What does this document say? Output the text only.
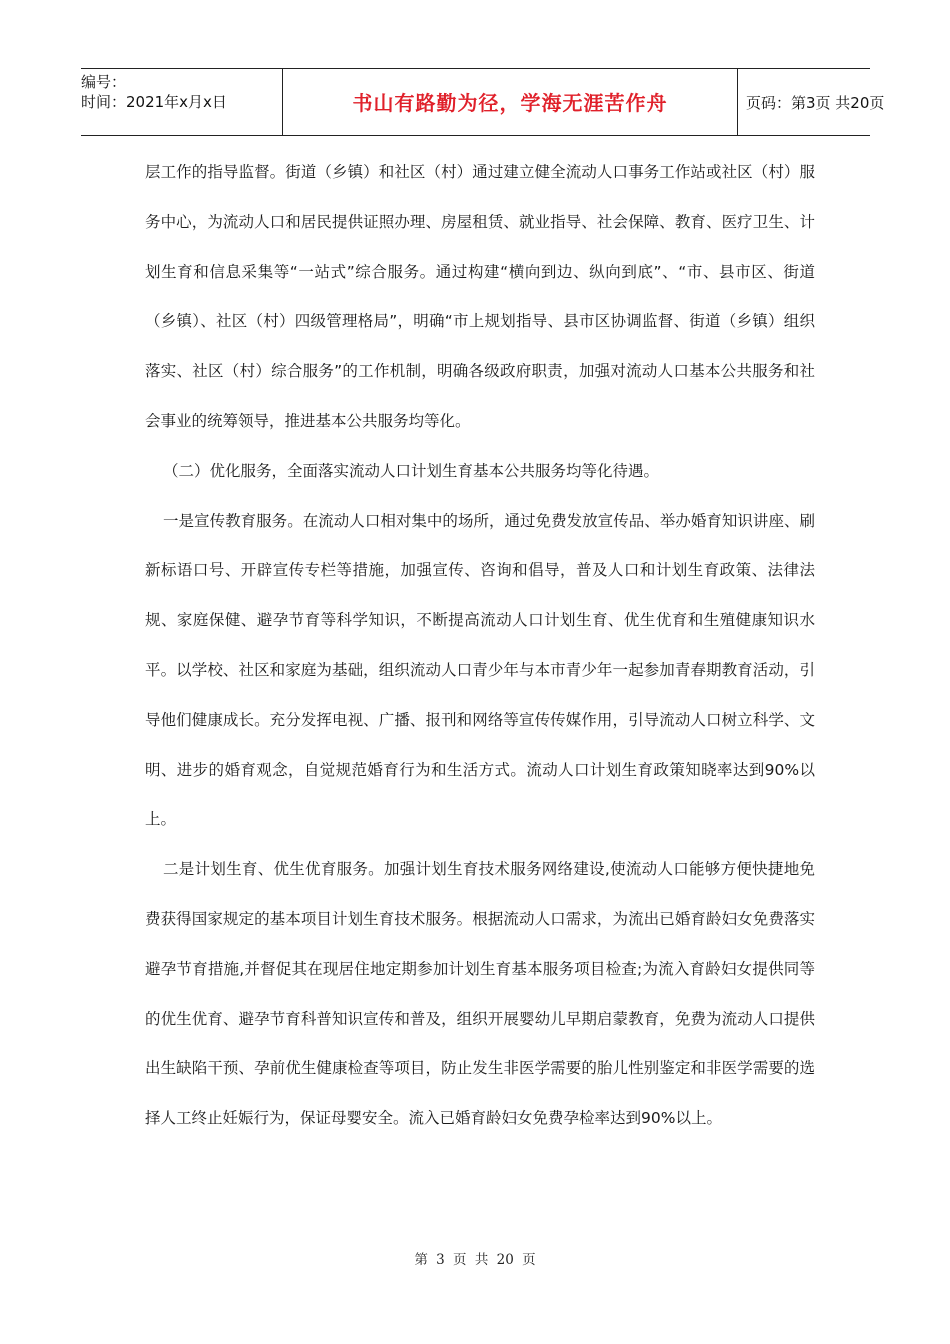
编号：
时间：2021年x月x日	书山有路勤为径，学海无涯苦作舟	页码：第3页 共20页

层工作的指导监督。街道（乡镇）和社区（村）通过建立健全流动人口事务工作站或社区（村）服务中心，为流动人口和居民提供证照办理、房屋租赁、就业指导、社会保障、教育、医疗卫生、计划生育和信息采集等“一站式”综合服务。通过构建“横向到边、纵向到底”、“市、县市区、街道（乡镇）、社区（村）四级管理格局”，明确“市上规划指导、县市区协调监督、街道（乡镇）组织落实、社区（村）综合服务”的工作机制，明确各级政府职责，加强对流动人口基本公共服务和社会事业的统筹领导，推进基本公共服务均等化。

（二）优化服务，全面落实流动人口计划生育基本公共服务均等化待遇。

一是宣传教育服务。在流动人口相对集中的场所，通过免费发放宣传品、举办婚育知识讲座、刷新标语口号、开辟宣传专栏等措施，加强宣传、咨询和倡导，普及人口和计划生育政策、法律法规、家庭保健、避孕节育等科学知识，不断提高流动人口计划生育、优生优育和生殖健康知识水平。以学校、社区和家庭为基础，组织流动人口青少年与本市青少年一起参加青春期教育活动，引导他们健康成长。充分发挥电视、广播、报刊和网络等宣传传媒作用，引导流动人口树立科学、文明、进步的婚育观念，自觉规范婚育行为和生活方式。流动人口计划生育政策知晓率达到90%以上。

二是计划生育、优生优育服务。加强计划生育技术服务网络建设,使流动人口能够方便快捷地免费获得国家规定的基本项目计划生育技术服务。根据流动人口需求，为流出已婚育龄妇女免费落实避孕节育措施,并督促其在现居住地定期参加计划生育基本服务项目检查;为流入育龄妇女提供同等的优生优育、避孕节育科普知识宣传和普及，组织开展婴幼儿早期启蒙教育，免费为流动人口提供出生缺陷干预、孕前优生健康检查等项目，防止发生非医学需要的胎儿性别鉴定和非医学需要的选择人工终止妊娠行为，保证母婴安全。流入已婚育龄妇女免费孕检率达到90%以上。

第 3 页 共 20 页
